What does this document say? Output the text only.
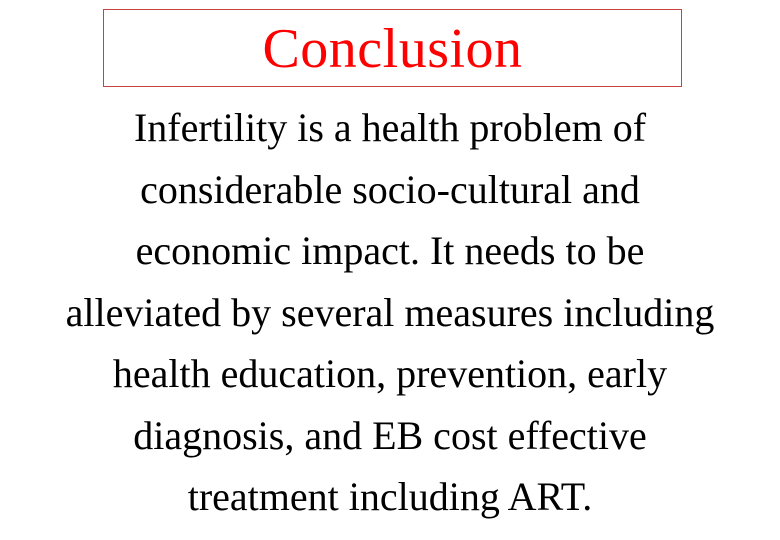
Conclusion

Infertility is a health problem of
considerable socio-cultural and
economic impact. It needs to be
alleviated by several measures including
health education, prevention, early
diagnosis, and EB cost effective
treatment including ART.
